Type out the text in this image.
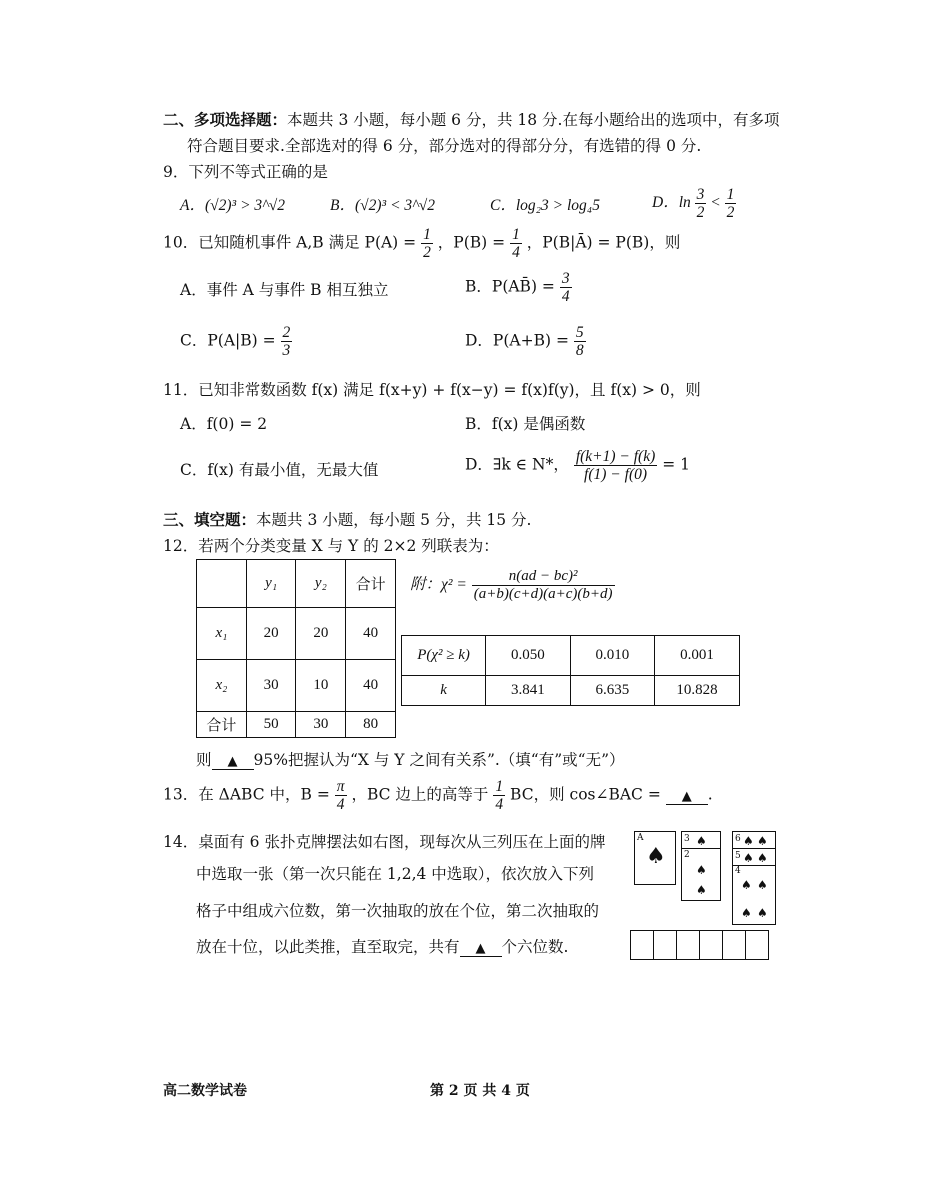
二、多项选择题：本题共 3 小题，每小题 6 分，共 18 分.在每小题给出的选项中，有多项
符合题目要求.全部选对的得 6 分，部分选对的得部分分，有选错的得 0 分.
9．下列不等式正确的是
A．(√2)³ > 3^√2	B．(√2)³ < 3^√2	C．log₂3 > log₄5	D．$\ln \frac{3}{2} < \frac{1}{2}$
10．已知随机事件 A,B 满足 $P(A) = \frac{1}{2}$ ，$P(B) = \frac{1}{4}$ ，P(B|Ā) = P(B)，则
A．事件 A 与事件 B 相互独立	B．P(AB̄) = $\frac{3}{4}$
C．$P(A|B) = \frac{2}{3}$	D．$P(A+B) = \frac{5}{8}$
11．已知非常数函数 f(x) 满足 f(x+y) + f(x−y) = f(x)f(y)，且 f(x) > 0，则
A．f(0) = 2	B．f(x) 是偶函数
C．f(x) 有最小值，无最大值	D．∃k ∈ N*， $\frac{f(k+1) - f(k)}{f(1) - f(0)} = 1$
三、填空题：本题共 3 小题，每小题 5 分，共 15 分.
12．若两个分类变量 X 与 Y 的 2×2 列联表为：
	y₁	y₂	合计
x₁	20	20	40
x₂	30	10	40
合计	50	30	80
附：$\chi^2 = \frac{\text{n(ad − bc)²}}{(a+b)(c+d)(a+c)(b+d)}$
P(χ² ≥ k)	0.050	0.010	0.001
k	3.841	6.635	10.828
则 ▲ 95%把握认为“X 与 Y 之间有关系”.（填“有”或“无”）
13．在 ΔABC 中，$B = \frac{\pi}{4}$ ，BC 边上的高等于 $\frac{1}{4}$ BC，则 cos∠BAC = ▲ .
14．桌面有 6 张扑克牌摆法如右图，现每次从三列压在上面的牌
中选取一张（第一次只能在 1,2,4 中选取），依次放入下列
格子中组成六位数，第一次抽取的放在个位，第二次抽取的
放在十位，以此类推，直至取完，共有 ▲ 个六位数.
A
♠ 2
♠
♠
3 ♠
4
♠ ♠
♠ ♠
5 ♠ ♠
6 ♠ ♠
高二数学试卷	第 2 页 共 4 页
